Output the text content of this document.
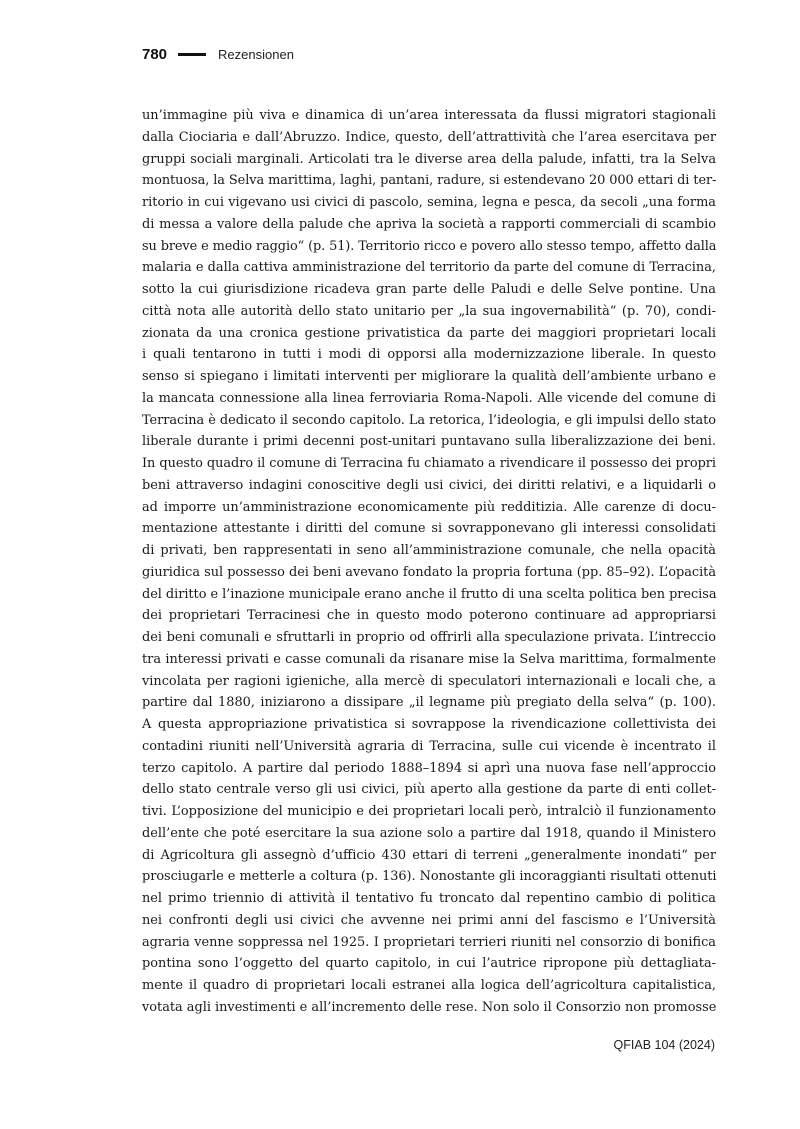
780	Rezensionen
un’immagine più viva e dinamica di un’area interessata da flussi migratori stagionali
dalla Ciociaria e dall’Abruzzo. Indice, questo, dell’attrattività che l’area esercitava per
gruppi sociali marginali. Articolati tra le diverse area della palude, infatti, tra la Selva
montuosa, la Selva marittima, laghi, pantani, radure, si estendevano 20 000 ettari di ter-
ritorio in cui vigevano usi civici di pascolo, semina, legna e pesca, da secoli „una forma
di messa a valore della palude che apriva la società a rapporti commerciali di scambio
su breve e medio raggio“ (p. 51). Territorio ricco e povero allo stesso tempo, affetto dalla
malaria e dalla cattiva amministrazione del territorio da parte del comune di Terracina,
sotto la cui giurisdizione ricadeva gran parte delle Paludi e delle Selve pontine. Una
città nota alle autorità dello stato unitario per „la sua ingovernabilità“ (p. 70), condi-
zionata da una cronica gestione privatistica da parte dei maggiori proprietari locali
i quali tentarono in tutti i modi di opporsi alla modernizzazione liberale. In questo
senso si spiegano i limitati interventi per migliorare la qualità dell’ambiente urbano e
la mancata connessione alla linea ferroviaria Roma-Napoli. Alle vicende del comune di
Terracina è dedicato il secondo capitolo. La retorica, l’ideologia, e gli impulsi dello stato
liberale durante i primi decenni post-unitari puntavano sulla liberalizzazione dei beni.
In questo quadro il comune di Terracina fu chiamato a rivendicare il possesso dei propri
beni attraverso indagini conoscitive degli usi civici, dei diritti relativi, e a liquidarli o
ad imporre un’amministrazione economicamente più redditizia. Alle carenze di docu-
mentazione attestante i diritti del comune si sovrapponevano gli interessi consolidati
di privati, ben rappresentati in seno all’amministrazione comunale, che nella opacità
giuridica sul possesso dei beni avevano fondato la propria fortuna (pp. 85–92). L’opacità
del diritto e l’inazione municipale erano anche il frutto di una scelta politica ben precisa
dei proprietari Terracinesi che in questo modo poterono continuare ad appropriarsi
dei beni comunali e sfruttarli in proprio od offrirli alla speculazione privata. L’intreccio
tra interessi privati e casse comunali da risanare mise la Selva marittima, formalmente
vincolata per ragioni igieniche, alla mercè di speculatori internazionali e locali che, a
partire dal 1880, iniziarono a dissipare „il legname più pregiato della selva“ (p. 100).
A questa appropriazione privatistica si sovrappose la rivendicazione collettivista dei
contadini riuniti nell’Università agraria di Terracina, sulle cui vicende è incentrato il
terzo capitolo. A partire dal periodo 1888–1894 si aprì una nuova fase nell’approccio
dello stato centrale verso gli usi civici, più aperto alla gestione da parte di enti collet-
tivi. L’opposizione del municipio e dei proprietari locali però, intralciò il funzionamento
dell’ente che poté esercitare la sua azione solo a partire dal 1918, quando il Ministero
di Agricoltura gli assegnò d’ufficio 430 ettari di terreni „generalmente inondati“ per
prosciugarle e metterle a coltura (p. 136). Nonostante gli incoraggianti risultati ottenuti
nel primo triennio di attività il tentativo fu troncato dal repentino cambio di politica
nei confronti degli usi civici che avvenne nei primi anni del fascismo e l’Università
agraria venne soppressa nel 1925. I proprietari terrieri riuniti nel consorzio di bonifica
pontina sono l’oggetto del quarto capitolo, in cui l’autrice ripropone più dettagliata-
mente il quadro di proprietari locali estranei alla logica dell’agricoltura capitalistica,
votata agli investimenti e all’incremento delle rese. Non solo il Consorzio non promosse
QFIAB 104 (2024)
